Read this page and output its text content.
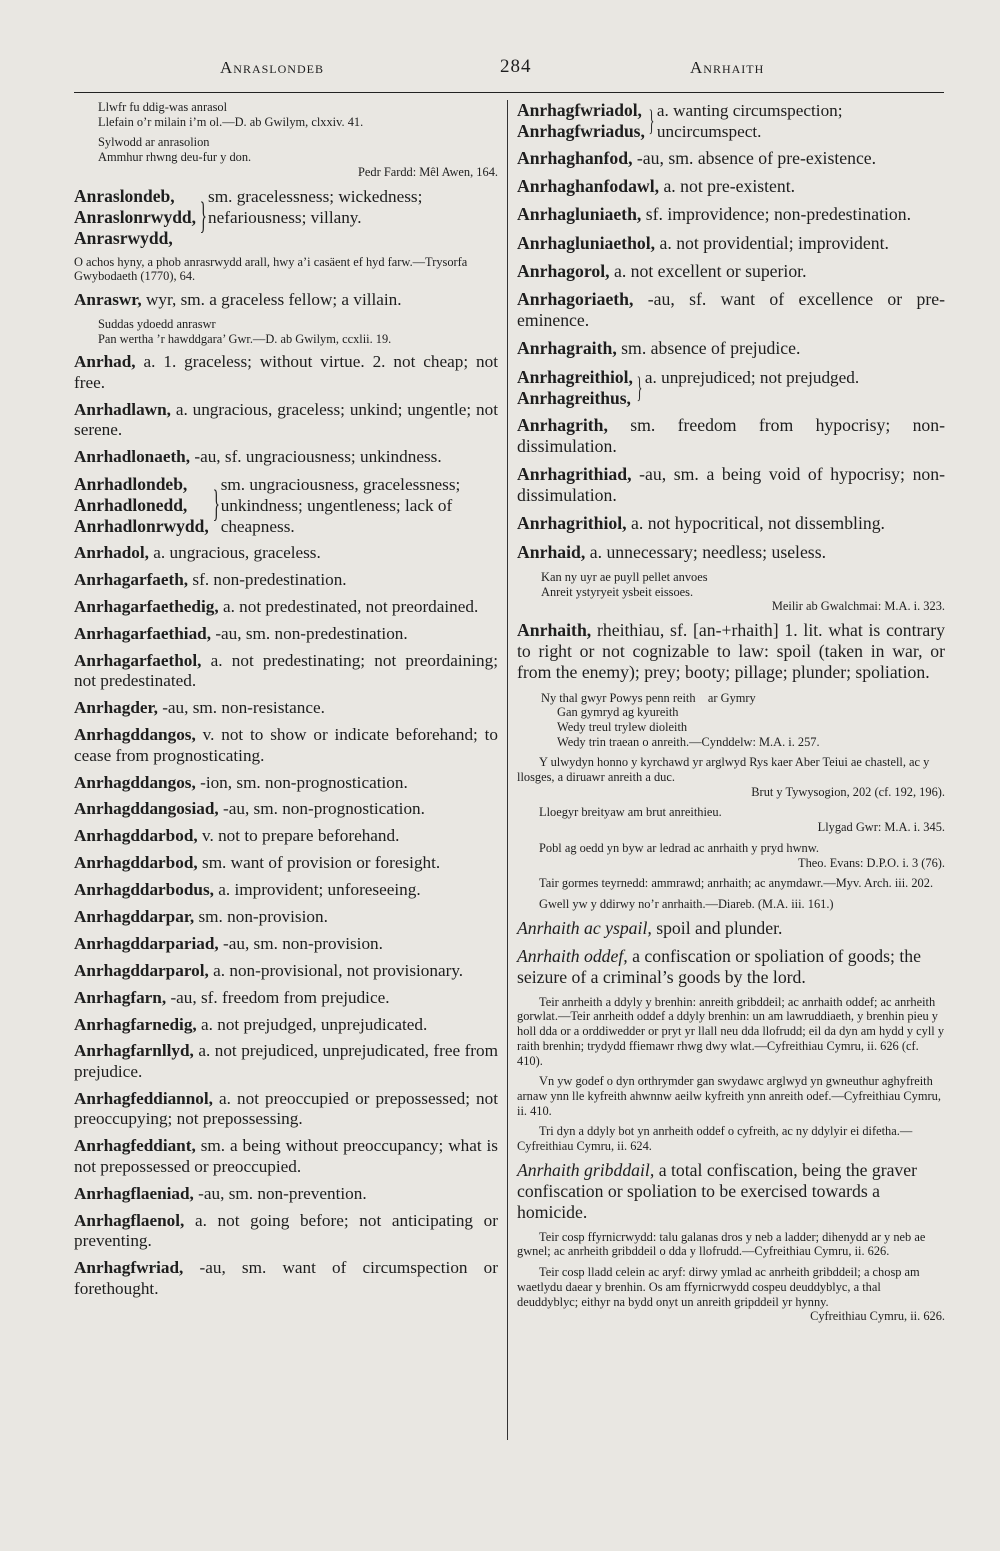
Anraslondeb	284	Anrhaith
Llwfr fu ddig-was anrasol
Llefain o’r milain i’m ol.—D. ab Gwilym, clxxiv. 41.
Sylwodd ar anrasolion
Ammhur rhwng deu-fur y don.
Pedr Fardd: Mêl Awen, 164.
Anraslondeb,
Anraslonrwydd,
Anrasrwydd,
} sm. gracelessness; wickedness; nefariousness; villany.
O achos hyny, a phob anrasrwydd arall, hwy a’i casäent ef hyd farw.—Trysorfa Gwybodaeth (1770), 64.

Anraswr, wyr, sm. a graceless fellow; a villain.

Suddas ydoedd anraswr
Pan wertha ’r hawddgara’ Gwr.—D. ab Gwilym, ccxlii. 19.

Anrhad, a. 1. graceless; without virtue. 2. not cheap; not free.

Anrhadlawn, a. ungracious, graceless; unkind; ungentle; not serene.

Anrhadlonaeth, -au, sf. ungraciousness; unkindness.

Anrhadlondeb,
Anrhadlonedd,
Anrhadlonrwydd,
} sm. ungraciousness, gracelessness; unkindness; ungentleness; lack of cheapness.

Anrhadol, a. ungracious, graceless.

Anrhagarfaeth, sf. non-predestination.

Anrhagarfaethedig, a. not predestinated, not preordained.

Anrhagarfaethiad, -au, sm. non-predestination.

Anrhagarfaethol, a. not predestinating; not preordaining; not predestinated.

Anrhagder, -au, sm. non-resistance.

Anrhagddangos, v. not to show or indicate beforehand; to cease from prognosticating.

Anrhagddangos, -ion, sm. non-prognostication.

Anrhagddangosiad, -au, sm. non-prognostication.

Anrhagddarbod, v. not to prepare beforehand.

Anrhagddarbod, sm. want of provision or foresight.

Anrhagddarbodus, a. improvident; unforeseeing.

Anrhagddarpar, sm. non-provision.

Anrhagddarpariad, -au, sm. non-provision.

Anrhagddarparol, a. non-provisional, not provisionary.

Anrhagfarn, -au, sf. freedom from prejudice.

Anrhagfarnedig, a. not prejudged, unprejudicated.

Anrhagfarnllyd, a. not prejudiced, unprejudicated, free from prejudice.

Anrhagfeddiannol, a. not preoccupied or prepossessed; not preoccupying; not prepossessing.

Anrhagfeddiant, sm. a being without preoccupancy; what is not prepossessed or preoccupied.

Anrhagflaeniad, -au, sm. non-prevention.

Anrhagflaenol, a. not going before; not anticipating or preventing.

Anrhagfwriad, -au, sm. want of circumspection or forethought.

Anrhagfwriadol,
Anrhagfwriadus, } a. wanting circumspection; uncircumspect.

Anrhaghanfod, -au, sm. absence of pre-existence.

Anrhaghanfodawl, a. not pre-existent.

Anrhagluniaeth, sf. improvidence; non-predestination.

Anrhagluniaethol, a. not providential; improvident.

Anrhagorol, a. not excellent or superior.

Anrhagoriaeth, -au, sf. want of excellence or pre-eminence.

Anrhagraith, sm. absence of prejudice.

Anrhagreithiol,
Anrhagreithus, } a. unprejudiced; not prejudged.

Anrhagrith, sm. freedom from hypocrisy; non-dissimulation.

Anrhagrithiad, -au, sm. a being void of hypocrisy; non-dissimulation.

Anrhagrithiol, a. not hypocritical, not dissembling.

Anrhaid, a. unnecessary; needless; useless.

Kan ny uyr ae puyll pellet anvoes
Anreit ystyryeit ysbeit eissoes.
Meilir ab Gwalchmai: M.A. i. 323.

Anrhaith, rheithiau, sf. [an-+rhaith] 1. lit. what is contrary to right or not cognizable to law: spoil (taken in war, or from the enemy); prey; booty; pillage; plunder; spoliation.

Ny thal gwyr Powys penn reith    ar Gymry
Gan gymryd ag kyureith
Wedy treul trylew dioleith
Wedy trin traean o anreith.—Cynddelw: M.A. i. 257.
Y ulwydyn honno y kyrchawd yr arglwyd Rys kaer Aber Teiui ae chastell, ac y llosges, a diruawr anreith a duc.
Brut y Tywysogion, 202 (cf. 192, 196).
Lloegyr breityaw am brut anreithieu.
Llygad Gwr: M.A. i. 345.
Pobl ag oedd yn byw ar ledrad ac anrhaith y pryd hwnw.
Theo. Evans: D.P.O. i. 3 (76).
Tair gormes teyrnedd: ammrawd; anrhaith; ac anymdawr.—Myv. Arch. iii. 202.
Gwell yw y ddirwy no’r anrhaith.—Diareb. (M.A. iii. 161.)

Anrhaith ac yspail, spoil and plunder.

Anrhaith oddef, a confiscation or spoliation of goods; the seizure of a criminal’s goods by the lord.

Teir anrheith a ddyly y brenhin: anreith gribddeil; ac anrhaith oddef; ac anrheith gorwlat.—Teir anrheith oddef a ddyly brenhin: un am lawruddiaeth, y brenhin pieu y holl dda or a orddiwedder or pryt yr llall neu dda llofrudd; eil da dyn am hydd y cyll y raith brenhin; trydydd ffiemawr rhwg dwy wlat.—Cyfreithiau Cymru, ii. 626 (cf. 410).
Vn yw godef o dyn orthrymder gan swydawc arglwyd yn gwneuthur aghyfreith arnaw ynn lle kyfreith ahwnnw aeilw kyfreith ynn anreith odef.—Cyfreithiau Cymru, ii. 410.
Tri dyn a ddyly bot yn anrheith oddef o cyfreith, ac ny ddylyir ei difetha.—Cyfreithiau Cymru, ii. 624.

Anrhaith gribddail, a total confiscation, being the graver confiscation or spoliation to be exercised towards a homicide.

Teir cosp ffyrnicrwydd: talu galanas dros y neb a ladder; dihenydd ar y neb ae gwnel; ac anrheith gribddeil o dda y llofrudd.—Cyfreithiau Cymru, ii. 626.
Teir cosp lladd celein ac aryf: dirwy ymlad ac anrheith gribddeil; a chosp am waetlydu daear y brenhin. Os am ffyrnicrwydd cospeu deuddyblyc, a thal deuddyblyc; eithyr na bydd onyt un anreith gripddeil yr hynny.
Cyfreithiau Cymru, ii. 626.
